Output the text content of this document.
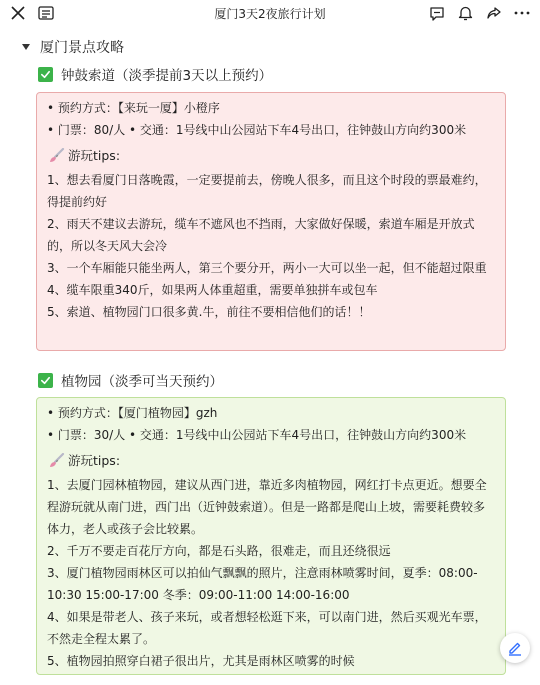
厦门3天2夜旅行计划
厦门景点攻略
钟鼓索道（淡季提前3天以上预约）
• 预约方式：【来玩一厦】小橙序
• 门票：80/人 • 交通：1号线中山公园站下车4号出口，往钟鼓山方向约300米
游玩tips:
1、想去看厦门日落晚霞，一定要提前去，傍晚人很多，而且这个时段的票最难约，得提前约好
2、雨天不建议去游玩，缆车不遮风也不挡雨，大家做好保暖，索道车厢是开放式的，所以冬天风大会冷
3、一个车厢能只能坐两人，第三个要分开，两小一大可以坐一起，但不能超过限重
4、缆车限重340斤，如果两人体重超重，需要单独拼车或包车
5、索道、植物园门口很多黄.牛，前往不要相信他们的话！！
植物园（淡季可当天预约）
• 预约方式：【厦门植物园】gzh
• 门票：30/人 • 交通：1号线中山公园站下车4号出口，往钟鼓山方向约300米
游玩tips:
1、去厦门园林植物园，建议从西门进，靠近多肉植物园，网红打卡点更近。想要全程游玩就从南门进，西门出（近钟鼓索道）。但是一路都是爬山上坡，需要耗费较多体力，老人或孩子会比较累。
2、千万不要走百花厅方向，都是石头路，很难走，而且还绕很远
3、厦门植物园雨林区可以拍仙气飘飘的照片，注意雨林喷雾时间，夏季：08:00-10:30 15:00-17:00 冬季：09:00-11:00 14:00-16:00
4、如果是带老人、孩子来玩，或者想轻松逛下来，可以南门进，然后买观光车票，不然走全程太累了。
5、植物园拍照穿白裙子很出片，尤其是雨林区喷雾的时候
